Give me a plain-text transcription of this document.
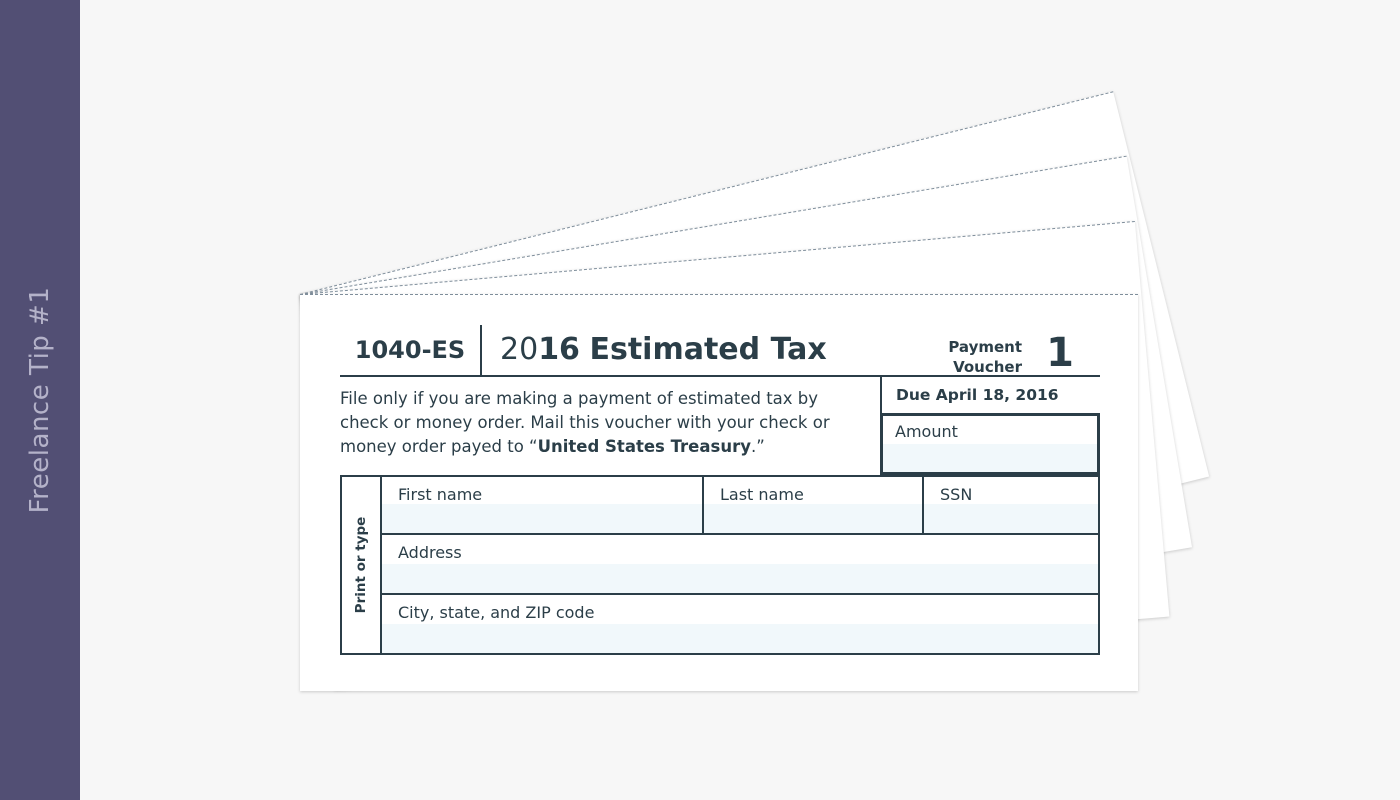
Freelance Tip #1	1040-ES	2016 Estimated Tax	Payment
Voucher 1
File only if you are making a payment of estimated tax by check or money order. Mail this voucher with your check or money order payed to “United States Treasury.”
Due April 18, 2016
Amount
Print or type
First name	Last name	SSN
Address
City, state, and ZIP code
